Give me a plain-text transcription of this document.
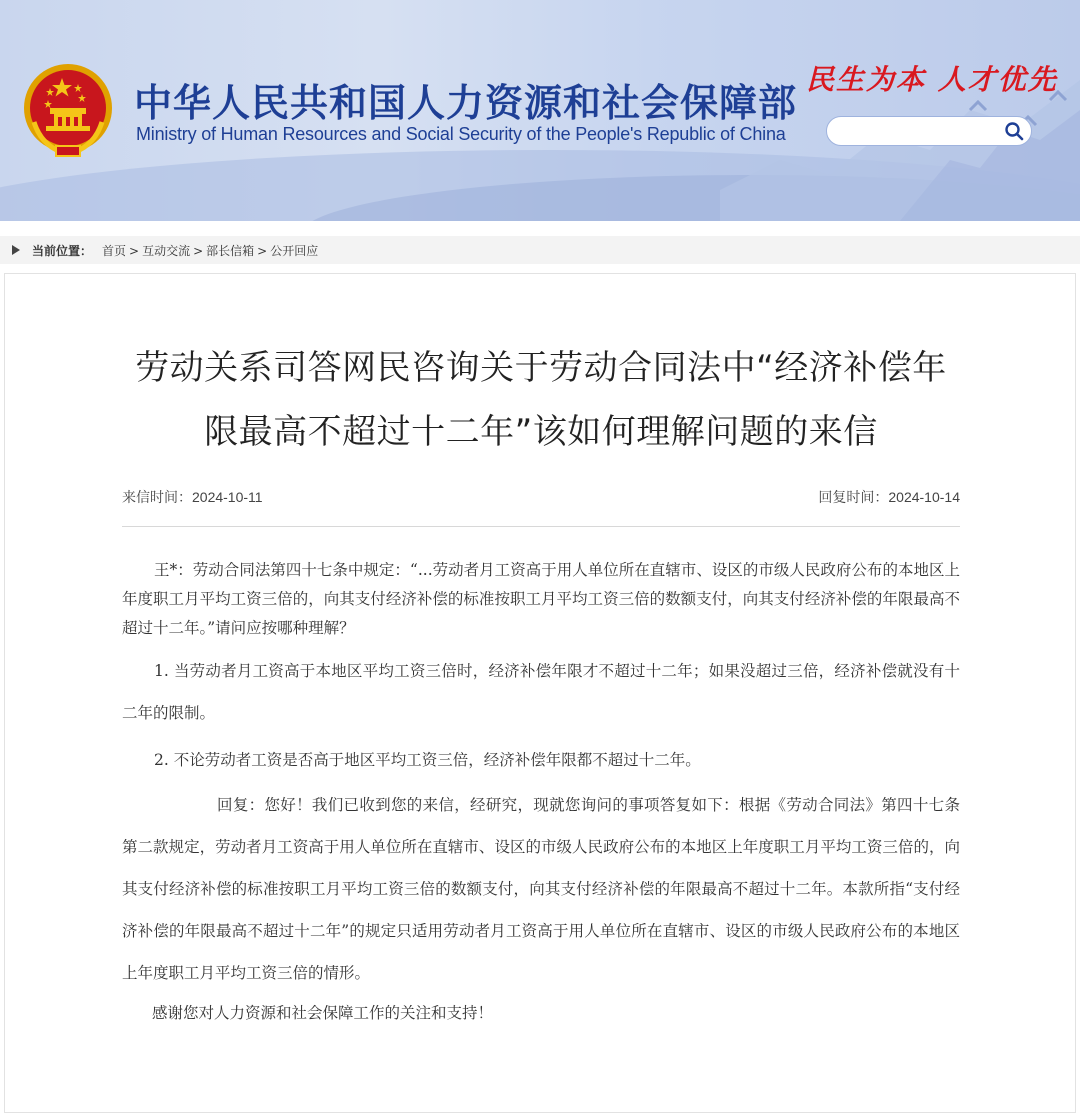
中华人民共和国人力资源和社会保障部
Ministry of Human Resources and Social Security of the People's Republic of China
民生为本 人才优先
当前位置： 首页 > 互动交流 > 部长信箱 > 公开回应
劳动关系司答网民咨询关于劳动合同法中“经济补偿年限最高不超过十二年”该如何理解问题的来信
来信时间：2024-10-11	回复时间：2024-10-14

王*：劳动合同法第四十七条中规定：“...劳动者月工资高于用人单位所在直辖市、设区的市级人民政府公布的本地区上年度职工月平均工资三倍的，向其支付经济补偿的标准按职工月平均工资三倍的数额支付，向其支付经济补偿的年限最高不超过十二年。”请问应按哪种理解？

1. 当劳动者月工资高于本地区平均工资三倍时，经济补偿年限才不超过十二年；如果没超过三倍，经济补偿就没有十二年的限制。

2. 不论劳动者工资是否高于地区平均工资三倍，经济补偿年限都不超过十二年。

回复：您好！我们已收到您的来信，经研究，现就您询问的事项答复如下：根据《劳动合同法》第四十七条第二款规定，劳动者月工资高于用人单位所在直辖市、设区的市级人民政府公布的本地区上年度职工月平均工资三倍的，向其支付经济补偿的标准按职工月平均工资三倍的数额支付，向其支付经济补偿的年限最高不超过十二年。本款所指“支付经济补偿的年限最高不超过十二年”的规定只适用劳动者月工资高于用人单位所在直辖市、设区的市级人民政府公布的本地区上年度职工月平均工资三倍的情形。

感谢您对人力资源和社会保障工作的关注和支持！
